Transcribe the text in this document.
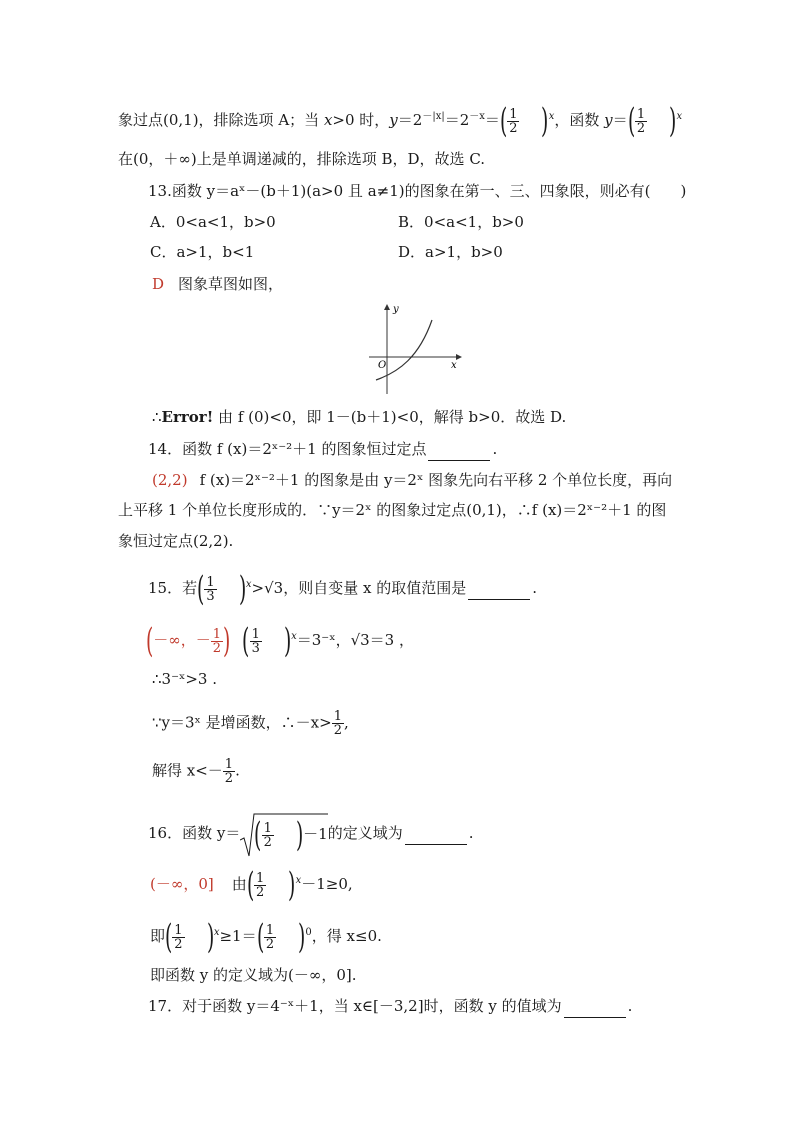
象过点(0,1)，排除选项 A；当 x>0 时，$y=2^{-|x|}=2^{-x}=( \frac{1}{2} )^x$，函数 $y=( \frac{1}{2} )^x$
在(0，＋∞)上是单调递减的，排除选项 B，D，故选 C.
13.函数 y＝aˣ－(b＋1)(a>0 且 a≠1)的图象在第一、三、四象限，则必有(　　)
A．0<a<1，b>0	B．0<a<1，b>0
C．a>1，b<1	D．a>1，b>0
D 图象草图如图，
y
O	x
∴Error! 由 f (0)<0，即 1－(b＋1)<0，解得 b>0．故选 D.
14．函数 f (x)＝2ˣ⁻²＋1 的图象恒过定点	.
(2,2) f (x)＝2ˣ⁻²＋1 的图象是由 y＝2ˣ 图象先向右平移 2 个单位长度，再向
上平移 1 个单位长度形成的．∵y＝2ˣ 的图象过定点(0,1)，∴f (x)＝2ˣ⁻²＋1 的图
象恒过定点(2,2).
15．若( $\frac{1}{3} )^x>√3$，则自变量 x 的取值范围是	.
(－∞，－ $\frac{1}{2}$ ) ( $\frac{1}{3}$ )$^x$＝3⁻ˣ，√3＝3 ，
∴3⁻ˣ>3 .
∵y＝3ˣ 是增函数，∴－x> $\frac{1}{2}$ ,
解得 $x<- \frac{1}{2}$ .
16．函数 y＝ ( $\frac{1}{2} )-1$的定义域为	.
(－∞，0] 由( $\frac{1}{2} )^x-1\ge 0$,
即( $\frac{1}{2} )^x\ge 1=( \frac{1}{2} )^0$，得 x≤0.
即函数 y 的定义域为(－∞，0].
17．对于函数 y＝4⁻ˣ＋1，当 x∈[－3,2]时，函数 y 的值域为	.
